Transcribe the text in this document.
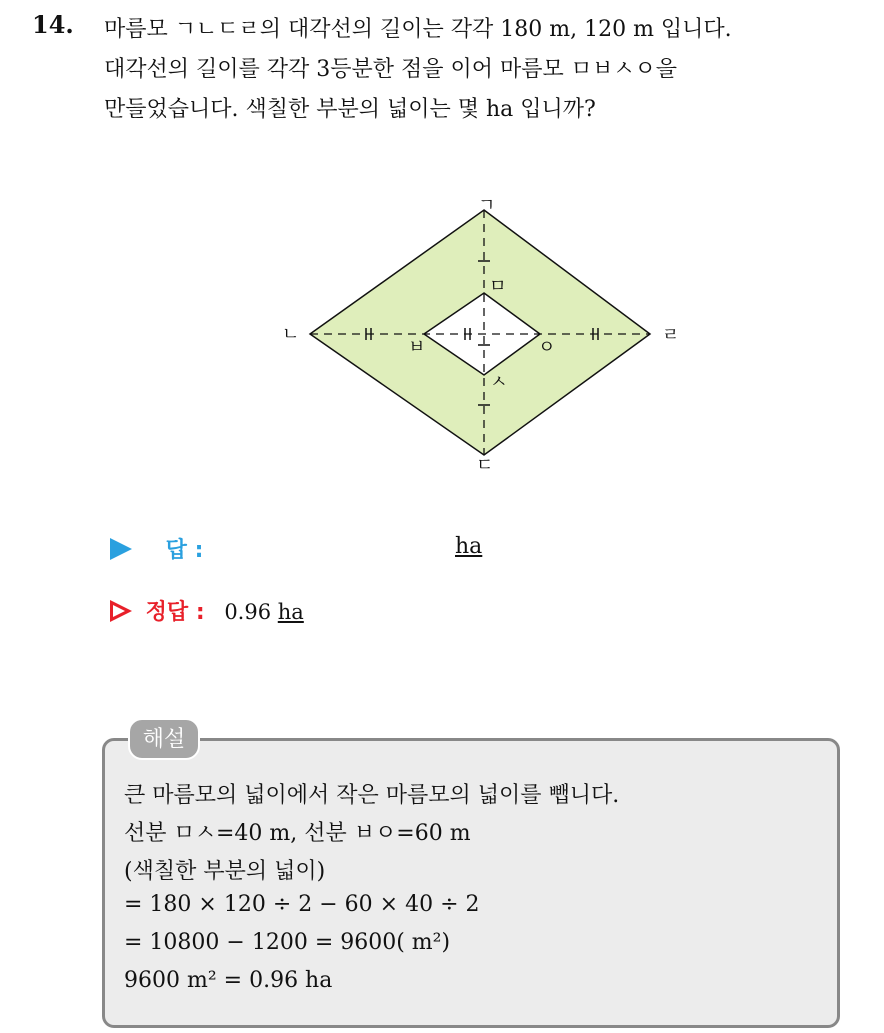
14. 마름모 ㄱㄴㄷㄹ의 대각선의 길이는 각각 180 m, 120 m 입니다.
대각선의 길이를 각각 3등분한 점을 이어 마름모 ㅁㅂㅅㅇ을
만들었습니다. 색칠한 부분의 넓이는 몇 ha 입니까?
ㄱ
ㄴ
ㄷ
ㄹ
ㅁ
ㅂ
ㅅ
ㅇ
답 :	ha
정답 : 0.96 ha
해설
큰 마름모의 넓이에서 작은 마름모의 넓이를 뺍니다.
선분 ㅁㅅ=40 m, 선분 ㅂㅇ=60 m
(색칠한 부분의 넓이)
= 180 × 120 ÷ 2 − 60 × 40 ÷ 2
= 10800 − 1200 = 9600( m²)
9600 m² = 0.96 ha
